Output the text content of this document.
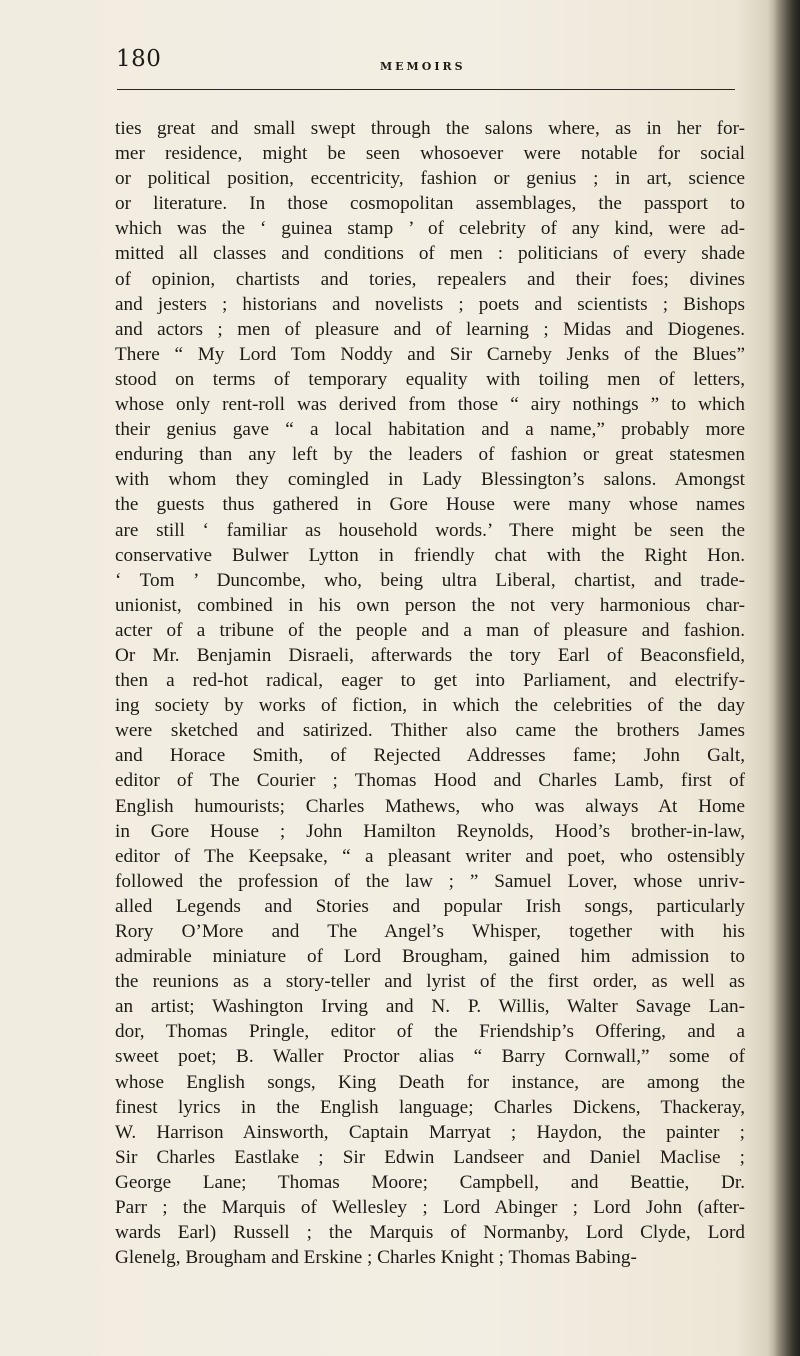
180	MEMOIRS
ties great and small swept through the salons where, as in her for-
mer residence, might be seen whosoever were notable for social
or political position, eccentricity, fashion or genius ; in art, science
or literature. In those cosmopolitan assemblages, the passport to
which was the ‘ guinea stamp ’ of celebrity of any kind, were ad-
mitted all classes and conditions of men : politicians of every shade
of opinion, chartists and tories, repealers and their foes; divines
and jesters ; historians and novelists ; poets and scientists ; Bishops
and actors ; men of pleasure and of learning ; Midas and Diogenes.
There “ My Lord Tom Noddy and Sir Carneby Jenks of the Blues”
stood on terms of temporary equality with toiling men of letters,
whose only rent-roll was derived from those “ airy nothings ” to which
their genius gave “ a local habitation and a name,” probably more
enduring than any left by the leaders of fashion or great statesmen
with whom they comingled in Lady Blessington’s salons. Amongst
the guests thus gathered in Gore House were many whose names
are still ‘ familiar as household words.’ There might be seen the
conservative Bulwer Lytton in friendly chat with the Right Hon.
‘ Tom ’ Duncombe, who, being ultra Liberal, chartist, and trade-
unionist, combined in his own person the not very harmonious char-
acter of a tribune of the people and a man of pleasure and fashion.
Or Mr. Benjamin Disraeli, afterwards the tory Earl of Beaconsfield,
then a red-hot radical, eager to get into Parliament, and electrify-
ing society by works of fiction, in which the celebrities of the day
were sketched and satirized. Thither also came the brothers James
and Horace Smith, of Rejected Addresses fame; John Galt,
editor of The Courier ; Thomas Hood and Charles Lamb, first of
English humourists; Charles Mathews, who was always At Home
in Gore House ; John Hamilton Reynolds, Hood’s brother-in-law,
editor of The Keepsake, “ a pleasant writer and poet, who ostensibly
followed the profession of the law ; ” Samuel Lover, whose unriv-
alled Legends and Stories and popular Irish songs, particularly
Rory O’More and The Angel’s Whisper, together with his
admirable miniature of Lord Brougham, gained him admission to
the reunions as a story-teller and lyrist of the first order, as well as
an artist; Washington Irving and N. P. Willis, Walter Savage Lan-
dor, Thomas Pringle, editor of the Friendship’s Offering, and a
sweet poet; B. Waller Proctor alias “ Barry Cornwall,” some of
whose English songs, King Death for instance, are among the
finest lyrics in the English language; Charles Dickens, Thackeray,
W. Harrison Ainsworth, Captain Marryat ; Haydon, the painter ;
Sir Charles Eastlake ; Sir Edwin Landseer and Daniel Maclise ;
George Lane; Thomas Moore; Campbell, and Beattie, Dr.
Parr ; the Marquis of Wellesley ; Lord Abinger ; Lord John (after-
wards Earl) Russell ; the Marquis of Normanby, Lord Clyde, Lord
Glenelg, Brougham and Erskine ; Charles Knight ; Thomas Babing-
